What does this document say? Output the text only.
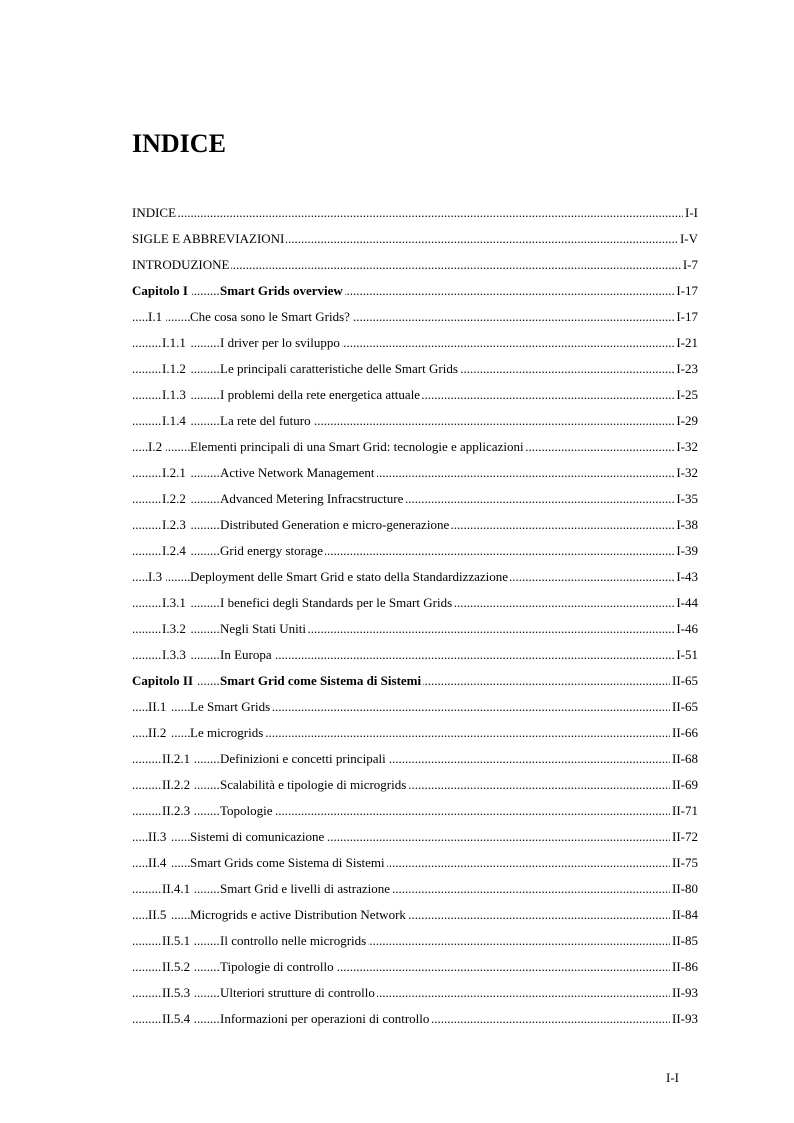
INDICE
.....
INDICE	I-I
.....
SIGLE E ABBREVIAZIONI	I-V
.....
INTRODUZIONE	I-7
.....
Capitolo I	Smart Grids overview	I-17
.....
I.1	Che cosa sono le Smart Grids?	I-17
.....
I.1.1	I driver per lo sviluppo	I-21
.....
I.1.2	Le principali caratteristiche delle Smart Grids	I-23
.....
I.1.3	I problemi della rete energetica attuale	I-25
.....
I.1.4	La rete del futuro	I-29
.....
I.2	Elementi principali di una Smart Grid: tecnologie e applicazioni	I-32
.....
I.2.1	Active Network Management	I-32
.....
I.2.2	Advanced Metering Infracstructure	I-35
.....
I.2.3	Distributed Generation e micro-generazione	I-38
.....
I.2.4	Grid energy storage	I-39
.....
I.3	Deployment delle Smart Grid e stato della Standardizzazione	I-43
.....
I.3.1	I benefici degli Standards per le Smart Grids	I-44
.....
I.3.2	Negli Stati Uniti	I-46
.....
I.3.3	In Europa	I-51
.....
Capitolo II	Smart Grid come Sistema di Sistemi	II-65
.....
II.1	Le Smart Grids	II-65
.....
II.2	Le microgrids	II-66
.....
II.2.1	Definizioni e concetti principali	II-68
.....
II.2.2	Scalabilità e tipologie di microgrids	II-69
.....
II.2.3	Topologie	II-71
.....
II.3	Sistemi di comunicazione	II-72
.....
II.4	Smart Grids come Sistema di Sistemi	II-75
.....
II.4.1	Smart Grid e livelli di astrazione	II-80
.....
II.5	Microgrids e active Distribution Network	II-84
.....
II.5.1	Il controllo nelle microgrids	II-85
.....
II.5.2	Tipologie di controllo	II-86
.....
II.5.3	Ulteriori strutture di controllo	II-93
.....
II.5.4	Informazioni per operazioni di controllo	II-93
I-I
